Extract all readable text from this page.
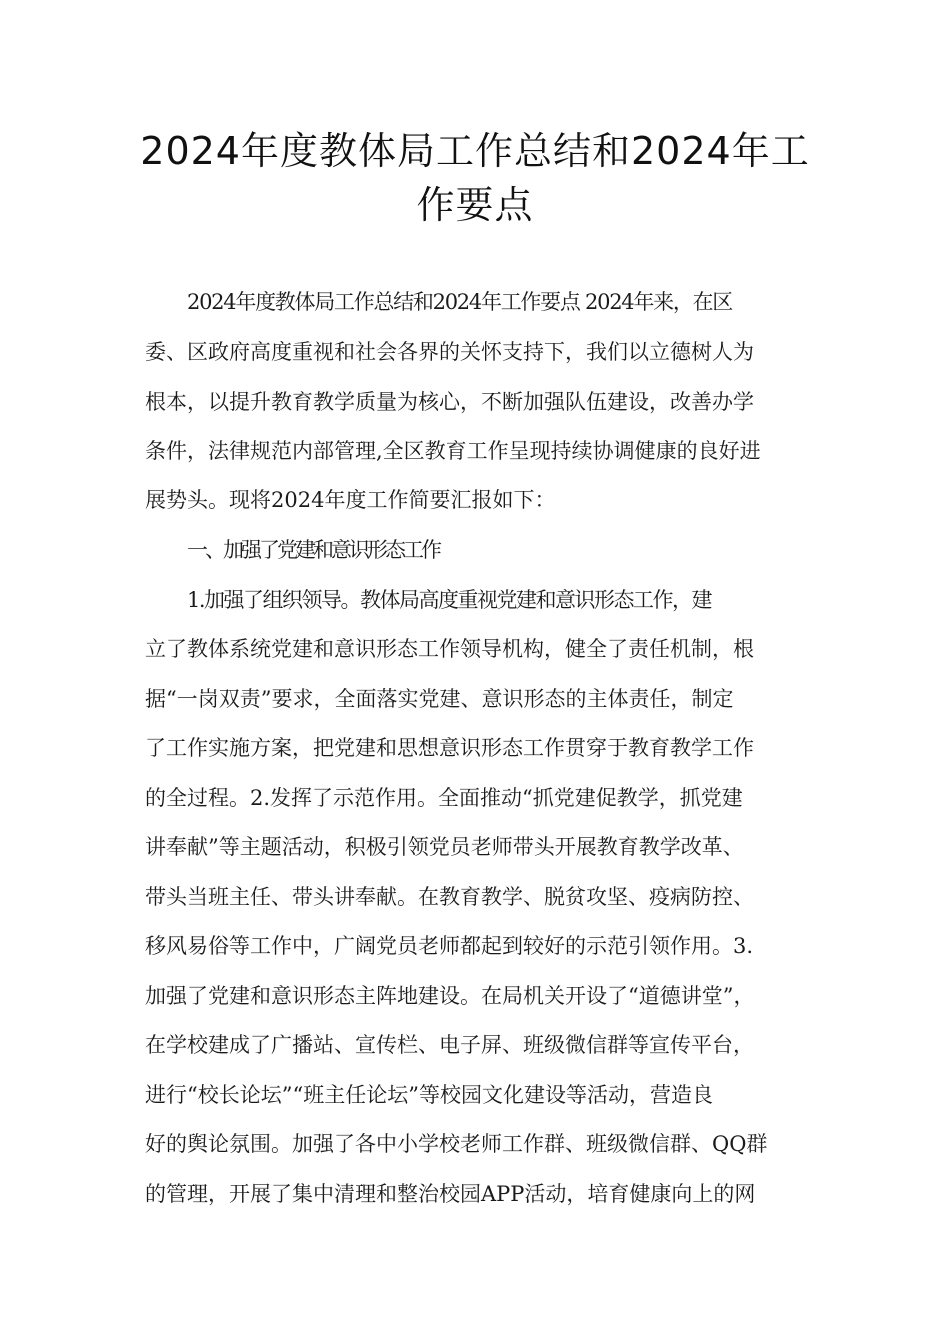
2024年度教体局工作总结和2024年工
作要点

2024年度教体局工作总结和2024年工作要点 2024年来，在区

委、区政府高度重视和社会各界的关怀支持下，我们以立德树人为

根本，以提升教育教学质量为核心，不断加强队伍建设，改善办学

条件，法律规范内部管理,全区教育工作呈现持续协调健康的良好进

展势头。现将2024年度工作简要汇报如下：

一、加强了党建和意识形态工作

1.加强了组织领导。教体局高度重视党建和意识形态工作，建

立了教体系统党建和意识形态工作领导机构，健全了责任机制，根

据“一岗双责”要求，全面落实党建、意识形态的主体责任，制定

了工作实施方案，把党建和思想意识形态工作贯穿于教育教学工作

的全过程。2.发挥了示范作用。全面推动“抓党建促教学，抓党建

讲奉献”等主题活动，积极引领党员老师带头开展教育教学改革、

带头当班主任、带头讲奉献。在教育教学、脱贫攻坚、疫病防控、

移风易俗等工作中，广阔党员老师都起到较好的示范引领作用。3.

加强了党建和意识形态主阵地建设。在局机关开设了“道德讲堂”，

在学校建成了广播站、宣传栏、电子屏、班级微信群等宣传平台，

进行“校长论坛”“班主任论坛”等校园文化建设等活动，营造良

好的舆论氛围。加强了各中小学校老师工作群、班级微信群、QQ群

的管理，开展了集中清理和整治校园APP活动，培育健康向上的网
